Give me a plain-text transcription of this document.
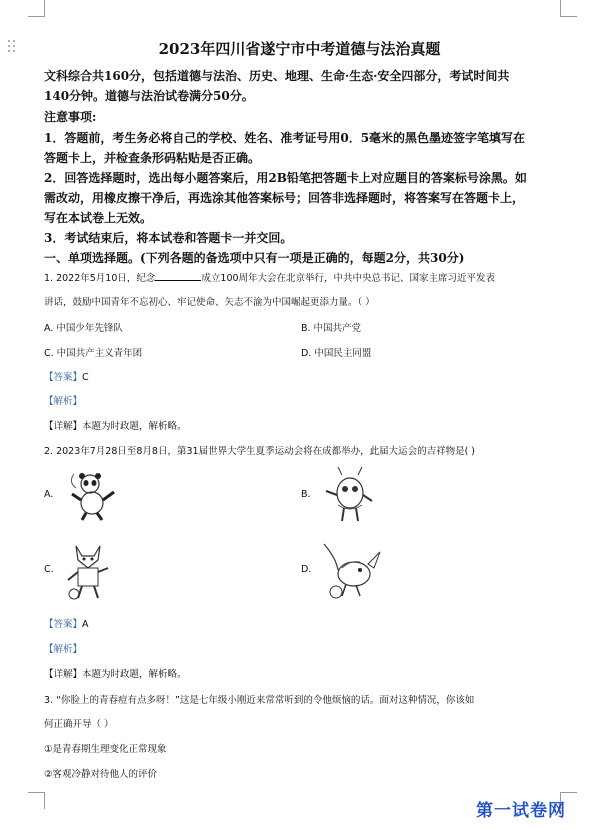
2023年四川省遂宁市中考道德与法治真题
文科综合共160分，包括道德与法治、历史、地理、生命·生态·安全四部分，考试时间共
140分钟。道德与法治试卷满分50分。
注意事项:
1．答题前，考生务必将自己的学校、姓名、准考证号用0．5毫米的黑色墨迹签字笔填写在
答题卡上，并检查条形码粘贴是否正确。
2．回答选择题时，选出每小题答案后，用2B铅笔把答题卡上对应题目的答案标号涂黑。如
需改动，用橡皮擦干净后，再选涂其他答案标号；回答非选择题时，将答案写在答题卡上，
写在本试卷上无效。
3．考试结束后，将本试卷和答题卡一并交回。
一、单项选择题。(下列各题的备选项中只有一项是正确的，每题2分，共30分)
1. 2022年5月10日，纪念	成立100周年大会在北京举行，中共中央总书记、国家主席习近平发表
讲话，鼓励中国青年不忘初心、牢记使命、矢志不渝为中国崛起更添力量。（ ）
A. 中国少年先锋队	B. 中国共产党
C. 中国共产主义青年团	D. 中国民主同盟
【答案】C
【解析】
【详解】本题为时政题，解析略。
2. 2023年7月28日至8月8日，第31届世界大学生夏季运动会将在成都举办，此届大运会的吉祥物是( )
A.	B.
C.	D.
【答案】A
【解析】
【详解】本题为时政题，解析略。
3. “你脸上的青春痘有点多呀！”这是七年级小刚近来常常听到的令他烦恼的话。面对这种情况，你该如
何正确开导（ ）
①是青春期生理变化正常现象
②客观冷静对待他人的评价
第一试卷网
